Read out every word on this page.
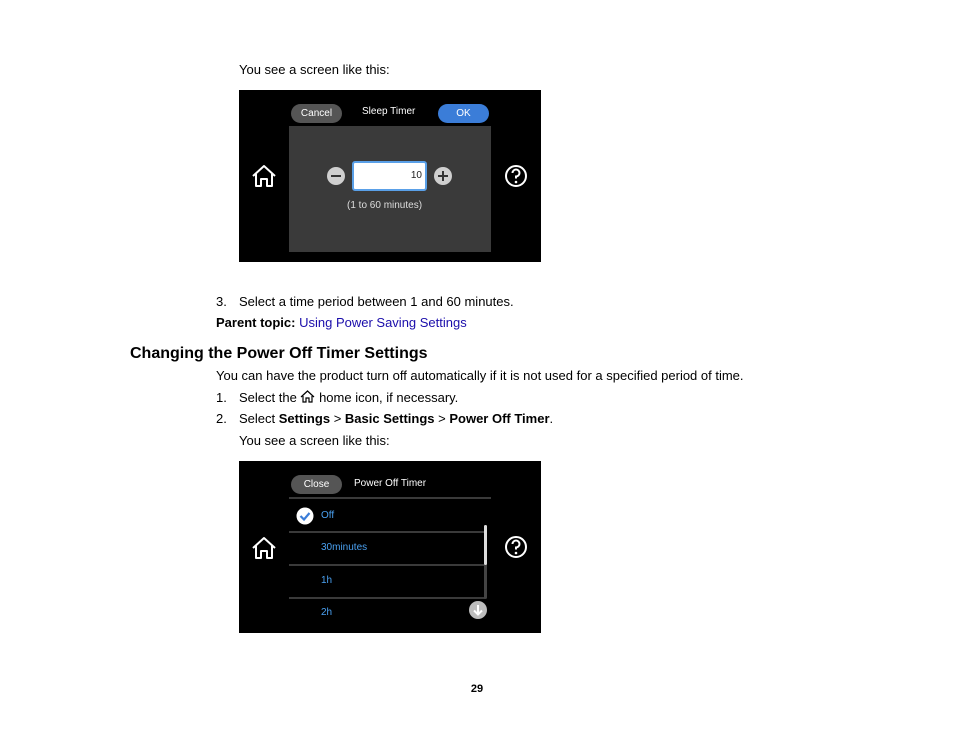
You see a screen like this:
Cancel	Sleep Timer	OK
10
(1 to 60 minutes)
3. Select a time period between 1 and 60 minutes.
Parent topic: Using Power Saving Settings
Changing the Power Off Timer Settings
You can have the product turn off automatically if it is not used for a specified period of time.
1. Select the home icon, if necessary.
2. Select Settings > Basic Settings > Power Off Timer.
You see a screen like this:
Close	Power Off Timer
Off
30minutes
1h
2h
29
